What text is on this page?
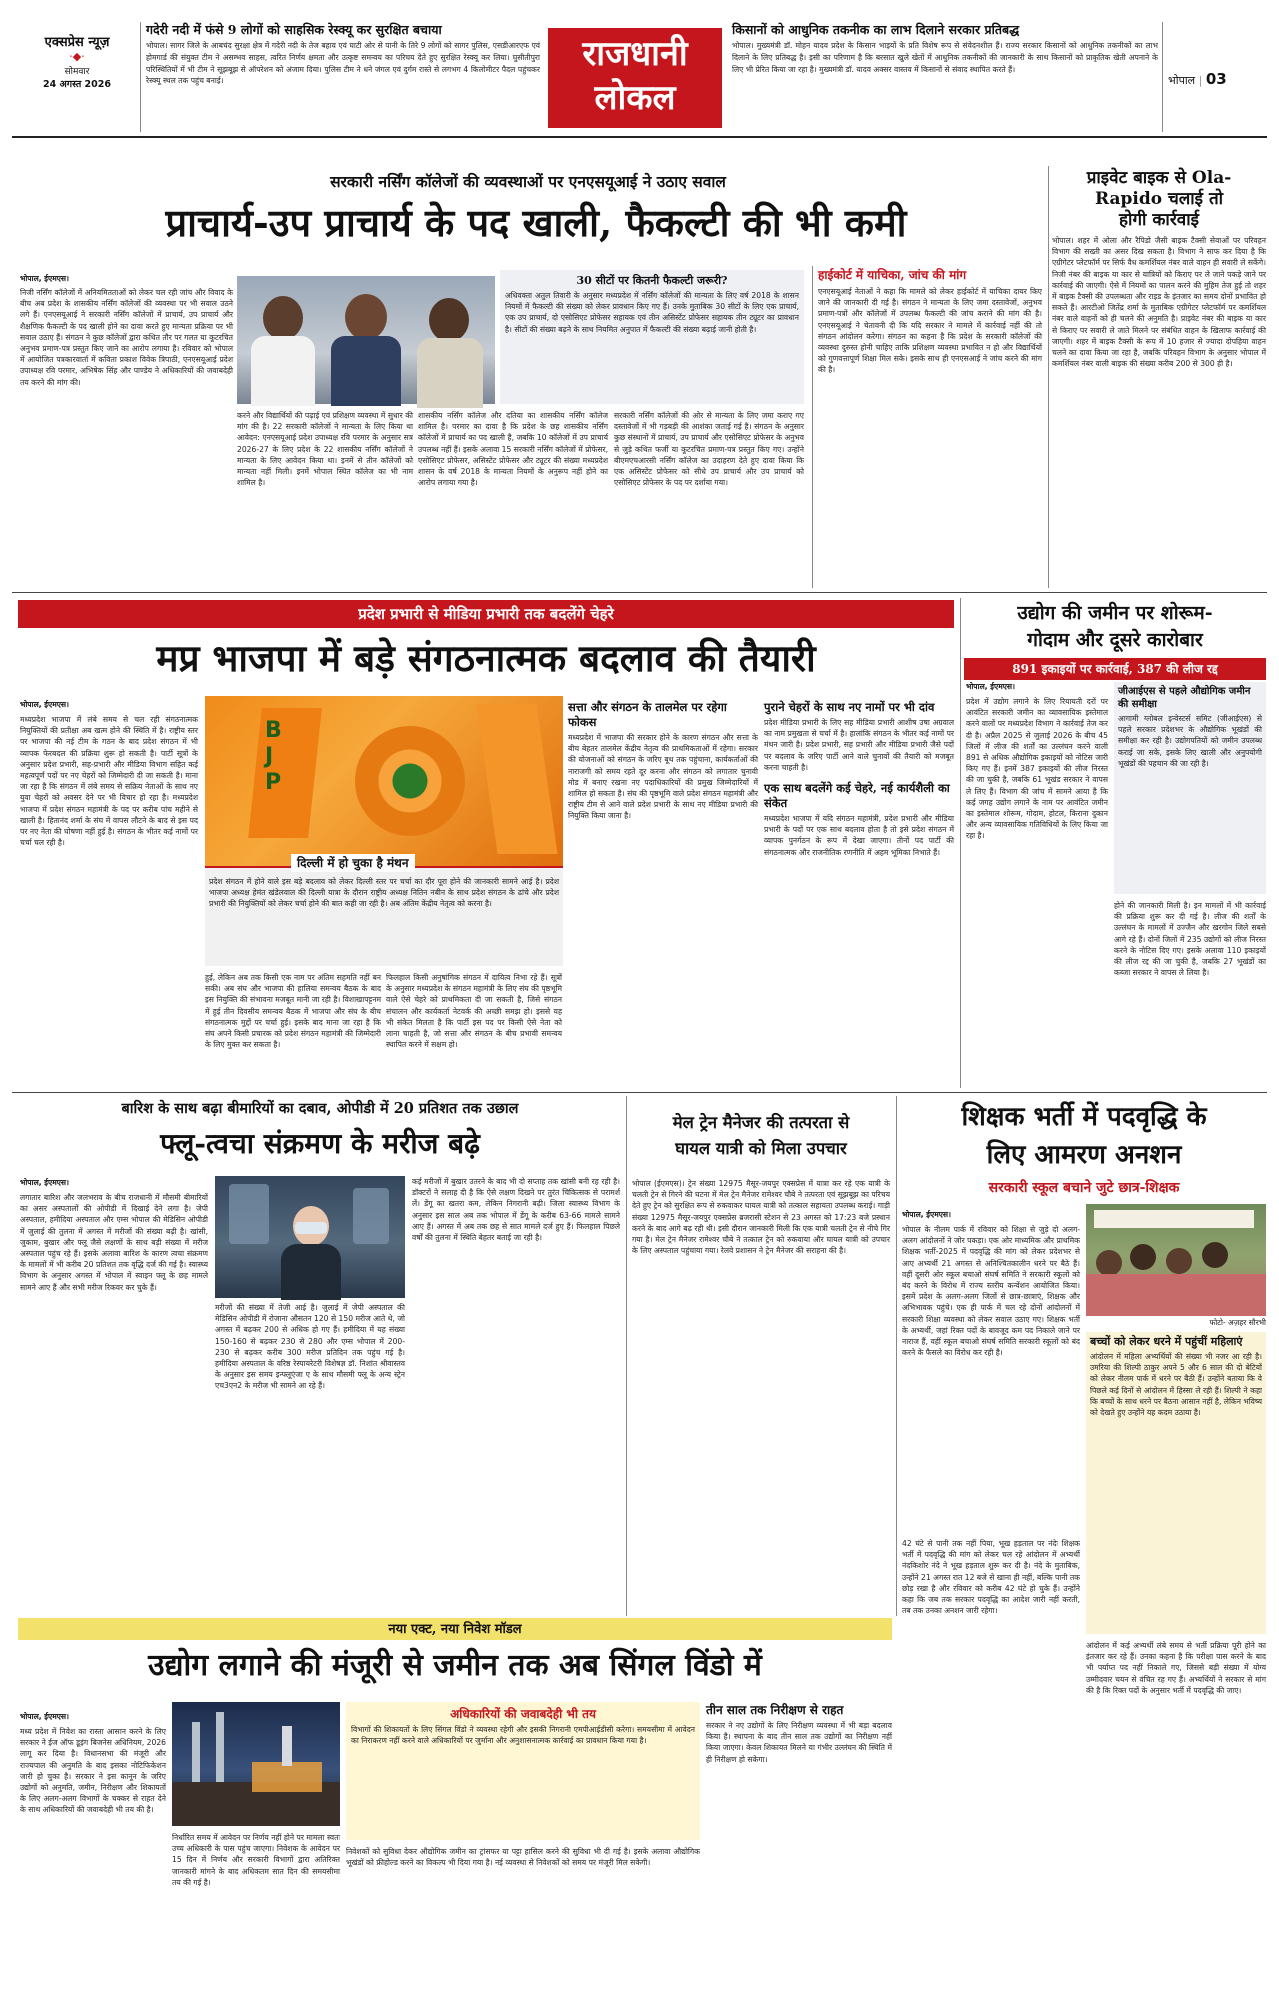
एक्सप्रेस न्यूज़
⋅◆⋅
सोमवार
24 अगस्त 2026
गदेरी नदी में फंसे 9 लोगों को साहसिक रेस्क्यू कर सुरक्षित बचाया
भोपाल। सागर जिले के आबचंद सुरक्षा क्षेत्र में गदेरी नदी के तेज बहाव एवं घाटी ओर से पानी के तिरे 9 लोगों को सागर पुलिस, एसडीआरएफ एवं होमगार्ड की संयुक्त टीम ने असम्भव साहस, त्वरित निर्णय क्षमता और उत्कृष्ट समन्वय का परिचय देते हुए सुरक्षित रेस्क्यू कर लिया। घुसीतीपुरा परिस्थितियों में भी टीम ने सूझबूझ से ऑपरेशन को अंजाम दिया। पुलिस टीम ने धने जंगल एवं दुर्गम रास्ते से लगभग 4 किलोमीटर पैदल पहुंचकर रेस्क्यू स्थल तक पहुंच बनाई।
राजधानी
लोकल
किसानों को आधुनिक तकनीक का लाभ दिलाने सरकार प्रतिबद्ध
भोपाल। मुख्यमंत्री डॉ. मोहन यादव प्रदेश के किसान भाइयों के प्रति विशेष रूप से संवेदनशील हैं। राज्य सरकार किसानों को आधुनिक तकनीकों का लाभ दिलाने के लिए प्रतिबद्ध है। इसी का परिणाम है कि बरसात खुले खेतों में आधुनिक तकनीकों की जानकारी के साथ किसानों को प्राकृतिक खेती अपनाने के लिए भी प्रेरित किया जा रहा है। मुख्यमंत्री डॉ. यादव अक्सर वास्तव में किसानों से संवाद स्थापित करते हैं।
भोपाल | 03
सरकारी नर्सिंग कॉलेजों की व्यवस्थाओं पर एनएसयूआई ने उठाए सवाल
प्राचार्य-उप प्राचार्य के पद खाली, फैकल्टी की भी कमी
भोपाल, ईएमएस।
निजी नर्सिंग कॉलेजों में अनियमितताओं को लेकर चल रही जांच और विवाद के बीच अब प्रदेश के शासकीय नर्सिंग कॉलेजों की व्यवस्था पर भी सवाल उठने लगे हैं। एनएसयूआई ने सरकारी नर्सिंग कॉलेजों में प्राचार्य, उप प्राचार्य और शैक्षणिक फैकल्टी के पद खाली होने का दावा करते हुए मान्यता प्रक्रिया पर भी सवाल उठाए हैं। संगठन ने कुछ कॉलेजों द्वारा कथित तौर पर गलत या कूटरचित अनुभव प्रमाण-पत्र प्रस्तुत किए जाने का आरोप लगाया है। रविवार को भोपाल में आयोजित पत्रकारवार्ता में कविता प्रकाश विवेक त्रिपाठी, एनएसयूआई प्रदेश उपाध्यक्ष रवि परमार, अभिषेक सिंह और पाण्डेय ने अधिकारियों की जवाबदेही तय करने की मांग की।
करने और विद्यार्थियों की पढ़ाई एवं प्रशिक्षण व्यवस्था में सुधार की मांग की है। 22 सरकारी कॉलेजों ने मान्यता के लिए किया था आवेदन: एनएसयूआई प्रदेश उपाध्यक्ष रवि परमार के अनुसार सत्र 2026-27 के लिए प्रदेश के 22 शासकीय नर्सिंग कॉलेजों ने मान्यता के लिए आवेदन किया था। इनमें से तीन कॉलेजों को मान्यता नहीं मिली। इनमें भोपाल स्थित कॉलेज का भी नाम शामिल है।
शासकीय नर्सिंग कॉलेज और दतिया का शासकीय नर्सिंग कॉलेज शामिल है। परमार का दावा है कि प्रदेश के छह शासकीय नर्सिंग कॉलेजों में प्राचार्य का पद खाली है, जबकि 10 कॉलेजों में उप प्राचार्य उपलब्ध नहीं हैं। इसके अलावा 15 सरकारी नर्सिंग कॉलेजों में प्रोफेसर, एसोसिएट प्रोफेसर, असिस्टेंट प्रोफेसर और ट्यूटर की संख्या मध्यप्रदेश शासन के वर्ष 2018 के मान्यता नियमों के अनुरूप नहीं होने का आरोप लगाया गया है।
सरकारी नर्सिंग कॉलेजों की ओर से मान्यता के लिए जमा कराए गए दस्तावेजों में भी गड़बड़ी की आशंका जताई गई है। संगठन के अनुसार कुछ संस्थानों में प्राचार्य, उप प्राचार्य और एसोसिएट प्रोफेसर के अनुभव से जुड़े कथित फर्जी या कूटरचित प्रमाण-पत्र प्रस्तुत किए गए। उन्होंने बीएमएचआरसी नर्सिंग कॉलेज का उदाहरण देते हुए दावा किया कि एक असिस्टेंट प्रोफेसर को सीधे उप प्राचार्य और उप प्राचार्य को एसोसिएट प्रोफेसर के पद पर दर्शाया गया।
30 सीटों पर कितनी फैकल्टी जरूरी?
अधिवक्ता अतुल तिवारी के अनुसार मध्यप्रदेश में नर्सिंग कॉलेजों की मान्यता के लिए वर्ष 2018 के शासन नियमों में फैकल्टी की संख्या को लेकर प्रावधान किए गए हैं। उनके मुताबिक 30 सीटों के लिए एक प्राचार्य, एक उप प्राचार्य, दो एसोसिएट प्रोफेसर सहायक एवं तीन असिस्टेंट प्रोफेसर सहायक तीन ट्यूटर का प्रावधान है। सीटों की संख्या बढ़ने के साथ नियमित अनुपात में फैकल्टी की संख्या बढ़ाई जानी होती है।
हाईकोर्ट में याचिका, जांच की मांग
एनएसयूआई नेताओं ने कहा कि मामले को लेकर हाईकोर्ट में याचिका दायर किए जाने की जानकारी दी गई है। संगठन ने मान्यता के लिए जमा दस्तावेजों, अनुभव प्रमाण-पत्रों और कॉलेजों में उपलब्ध फैकल्टी की जांच कराने की मांग की है। एनएसयूआई ने चेतावनी दी कि यदि सरकार ने मामले में कार्रवाई नहीं की तो संगठन आंदोलन करेगा। संगठन का कहना है कि प्रदेश के सरकारी कॉलेजों की व्यवस्था दुरुस्त होनी चाहिए ताकि प्रशिक्षण व्यवस्था प्रभावित न हो और विद्यार्थियों को गुणवत्तापूर्ण शिक्षा मिल सके। इसके साथ ही एनएसआई ने जांच करने की मांग की है।
प्राइवेट बाइक से Ola-
Rapido चलाई तो
होगी कार्रवाई
भोपाल। शहर में ओला और रैपिडो जैसी बाइक टैक्सी सेवाओं पर परिवहन विभाग की सख्ती का असर दिख सकता है। विभाग ने साफ कर दिया है कि एग्रीगेटर प्लेटफॉर्म पर सिर्फ वैध कमर्शियल नंबर वाले वाहन ही सवारी ले सकेंगे। निजी नंबर की बाइक या कार से यात्रियों को किराए पर ले जाने पकड़े जाने पर कार्रवाई की जाएगी। ऐसे में नियमों का पालन करने की मुहिम तेज हुई तो शहर में बाइक टैक्सी की उपलब्धता और राइड के इंतजार का समय दोनों प्रभावित हो सकते हैं। आरटीओ जितेंद्र शर्मा के मुताबिक एग्रीगेटर प्लेटफॉर्म पर कमर्शियल नंबर वाले वाहनों को ही चलने की अनुमति है। प्राइवेट नंबर की बाइक या कार से किराए पर सवारी ले जाते मिलने पर संबंधित वाहन के खिलाफ कार्रवाई की जाएगी। शहर में बाइक टैक्सी के रूप में 10 हजार से ज्यादा दोपहिया वाहन चलने का दावा किया जा रहा है, जबकि परिवहन विभाग के अनुसार भोपाल में कमर्शियल नंबर वाली बाइक की संख्या करीब 200 से 300 ही है।
प्रदेश प्रभारी से मीडिया प्रभारी तक बदलेंगे चेहरे
मप्र भाजपा में बड़े संगठनात्मक बदलाव की तैयारी
भोपाल, ईएमएस।
मध्यप्रदेश भाजपा में लंबे समय से चल रही संगठनात्मक नियुक्तियों की प्रतीक्षा अब खत्म होने की स्थिति में है। राष्ट्रीय स्तर पर भाजपा की नई टीम के गठन के बाद प्रदेश संगठन में भी व्यापक फेरबदल की प्रक्रिया शुरू हो सकती है। पार्टी सूत्रों के अनुसार प्रदेश प्रभारी, सह-प्रभारी और मीडिया विभाग सहित कई महत्वपूर्ण पदों पर नए चेहरों को जिम्मेदारी दी जा सकती है। माना जा रहा है कि संगठन में लंबे समय से सक्रिय नेताओं के साथ नए युवा चेहरों को अवसर देने पर भी विचार हो रहा है। मध्यप्रदेश भाजपा में प्रदेश संगठन महामंत्री के पद पर करीब पांच महीने से खाली है। हितानंद शर्मा के संघ में वापस लौटने के बाद से इस पद पर नए नेता की घोषणा नहीं हुई है। संगठन के भीतर कई नामों पर चर्चा चल रही है।
B
J
P
दिल्ली में हो चुका है मंथन
प्रदेश संगठन में होने वाले इस बड़े बदलाव को लेकर दिल्ली स्तर पर चर्चा का दौर पूरा होने की जानकारी सामने आई है। प्रदेश भाजपा अध्यक्ष हेमंत खंडेलवाल की दिल्ली यात्रा के दौरान राष्ट्रीय अध्यक्ष नितिन नबीन के साथ प्रदेश संगठन के ढांचे और प्रदेश प्रभारी की नियुक्तियों को लेकर चर्चा होने की बात कही जा रही है। अब अंतिम केंद्रीय नेतृत्व को करना है।
हुई, लेकिन अब तक किसी एक नाम पर अंतिम सहमति नहीं बन सकी। अब संघ और भाजपा की हालिया समन्वय बैठक के बाद इस नियुक्ति की संभावना मजबूत मानी जा रही है। विशाखापट्टनम में हुई तीन दिवसीय समन्वय बैठक में भाजपा और संघ के बीच संगठनात्मक मुद्दों पर चर्चा हुई। इसके बाद माना जा रहा है कि संघ अपने किसी प्रचारक को प्रदेश संगठन महामंत्री की जिम्मेदारी के लिए मुक्त कर सकता है।
फिलहाल किसी अनुषांगिक संगठन में दायित्व निभा रहे हैं। सूत्रों के अनुसार मध्यप्रदेश के संगठन महामंत्री के लिए संघ की पृष्ठभूमि वाले ऐसे चेहरे को प्राथमिकता दी जा सकती है, जिसे संगठन संचालन और कार्यकर्ता नेटवर्क की अच्छी समझ हो। इससे यह भी संकेत मिलता है कि पार्टी इस पद पर किसी ऐसे नेता को लाना चाहती है, जो सत्ता और संगठन के बीच प्रभावी समन्वय स्थापित करने में सक्षम हो।
सत्ता और संगठन के तालमेल पर रहेगा फोकस
मध्यप्रदेश में भाजपा की सरकार होने के कारण संगठन और सत्ता के बीच बेहतर तालमेल केंद्रीय नेतृत्व की प्राथमिकताओं में रहेगा। सरकार की योजनाओं को संगठन के जरिए बूथ तक पहुंचाना, कार्यकर्ताओं की नाराजगी को समय रहते दूर करना और संगठन को लगातार चुनावी मोड में बनाए रखना नए पदाधिकारियों की प्रमुख जिम्मेदारियों में शामिल हो सकता है। संघ की पृष्ठभूमि वाले प्रदेश संगठन महामंत्री और राष्ट्रीय टीम से आने वाले प्रदेश प्रभारी के साथ नए मीडिया प्रभारी की नियुक्ति किया जाना है।
पुराने चेहरों के साथ नए नामों पर भी दांव
प्रदेश मीडिया प्रभारी के लिए सह मीडिया प्रभारी आशीष उषा अग्रवाल का नाम प्रमुखता से चर्चा में है। हालांकि संगठन के भीतर कई नामों पर मंथन जारी है। प्रदेश प्रभारी, सह प्रभारी और मीडिया प्रभारी जैसे पदों पर बदलाव के जरिए पार्टी आने वाले चुनावों की तैयारी को मजबूत करना चाहती है।
एक साथ बदलेंगे कई चेहरे, नई कार्यशैली का संकेत
मध्यप्रदेश भाजपा में यदि संगठन महामंत्री, प्रदेश प्रभारी और मीडिया प्रभारी के पदों पर एक साथ बदलाव होता है तो इसे प्रदेश संगठन में व्यापक पुनर्गठन के रूप में देखा जाएगा। तीनों पद पार्टी की संगठनात्मक और राजनीतिक रणनीति में अहम भूमिका निभाते हैं।
उद्योग की जमीन पर शोरूम-
गोदाम और दूसरे कारोबार
891 इकाइयों पर कार्रवाई, 387 की लीज रद्द
भोपाल, ईएमएस।
प्रदेश में उद्योग लगाने के लिए रियायती दरों पर आवंटित सरकारी जमीन का व्यावसायिक इस्तेमाल करने वालों पर मध्यप्रदेश विभाग ने कार्रवाई तेज कर दी है। अप्रैल 2025 से जुलाई 2026 के बीच 45 जिलों में लीज की शर्तों का उल्लंघन करने वाली 891 से अधिक औद्योगिक इकाइयों को नोटिस जारी किए गए हैं। इनमें 387 इकाइयों की लीज निरस्त की जा चुकी है, जबकि 61 भूखंड सरकार ने वापस ले लिए हैं। विभाग की जांच में सामने आया है कि कई जगह उद्योग लगाने के नाम पर आवंटित जमीन का इस्तेमाल शोरूम, गोदाम, होटल, किराना दुकान और अन्य व्यावसायिक गतिविधियों के लिए किया जा रहा है।
जीआईएस से पहले औद्योगिक जमीन की समीक्षा
आगामी ग्लोबल इन्वेस्टर्स समिट (जीआईएस) से पहले सरकार प्रदेशभर के औद्योगिक भूखंडों की समीक्षा कर रही है। उद्योगपतियों को जमीन उपलब्ध कराई जा सके, इसके लिए खाली और अनुपयोगी भूखंडों की पहचान की जा रही है।
होने की जानकारी मिली है। इन मामलों में भी कार्रवाई की प्रक्रिया शुरू कर दी गई है। लीज की शर्तों के उल्लंघन के मामलों में उज्जैन और खरगोन जिले सबसे आगे रहे हैं। दोनों जिलों में 235 उद्योगों को लीज निरस्त करने के नोटिस दिए गए। इसके अलावा 110 इकाइयों की लीज रद्द की जा चुकी है, जबकि 27 भूखंडों का कब्जा सरकार ने वापस ले लिया है।
बारिश के साथ बढ़ा बीमारियों का दबाव, ओपीडी में 20 प्रतिशत तक उछाल
फ्लू-त्वचा संक्रमण के मरीज बढ़े
भोपाल, ईएमएस।
लगातार बारिश और जलभराव के बीच राजधानी में मौसमी बीमारियों का असर अस्पतालों की ओपीडी में दिखाई देने लगा है। जेपी अस्पताल, हमीदिया अस्पताल और एम्स भोपाल की मेडिसिन ओपीडी में जुलाई की तुलना में अगस्त में मरीजों की संख्या बढ़ी है। खांसी, जुकाम, बुखार और फ्लू जैसे लक्षणों के साथ बड़ी संख्या में मरीज अस्पताल पहुंच रहे हैं। इसके अलावा बारिश के कारण त्वचा संक्रमण के मामलों में भी करीब 20 प्रतिशत तक वृद्धि दर्ज की गई है। स्वास्थ्य विभाग के अनुसार अगस्त में भोपाल में स्वाइन फ्लू के छह मामले सामने आए हैं और सभी मरीज रिकवर कर चुके हैं।
मरीजों की संख्या में तेजी आई है। जुलाई में जेपी अस्पताल की मेडिसिन ओपीडी में रोजाना औसतन 120 से 150 मरीज आते थे, जो अगस्त में बढ़कर 200 से अधिक हो गए हैं। हमीदिया में यह संख्या 150-160 से बढ़कर 230 से 280 और एम्स भोपाल में 200-230 से बढ़कर करीब 300 मरीज प्रतिदिन तक पहुंच गई है। हमीदिया अस्पताल के वरिष्ठ रेस्पायरेटरी विशेषज्ञ डॉ. निशांत श्रीवास्तव के अनुसार इस समय इन्फ्लूएंजा ए के साथ मौसमी फ्लू के अन्य स्ट्रेन एच3एन2 के मरीज भी सामने आ रहे हैं।
कई मरीजों में बुखार उतरने के बाद भी दो सप्ताह तक खांसी बनी रह रही है। डॉक्टरों ने सलाह दी है कि ऐसे लक्षण दिखने पर तुरंत चिकित्सक से परामर्श लें। डेंगू का खतरा कम, लेकिन निगरानी बढ़ी। जिला स्वास्थ्य विभाग के अनुसार इस साल अब तक भोपाल में डेंगू के करीब 63-66 मामले सामने आए हैं। अगस्त में अब तक छह से सात मामले दर्ज हुए हैं। फिलहाल पिछले वर्षों की तुलना में स्थिति बेहतर बताई जा रही है।
मेल ट्रेन मैनेजर की तत्परता से
घायल यात्री को मिला उपचार
भोपाल (ईएमएस)। ट्रेन संख्या 12975 मैसूर-जयपुर एक्सप्रेस में यात्रा कर रहे एक यात्री के चलती ट्रेन से गिरने की घटना में मेल ट्रेन मैनेजर रामेश्वर चौबे ने तत्परता एवं सूझबूझ का परिचय देते हुए ट्रेन को सुरक्षित रूप से रुकवाकर घायल यात्री को तत्काल सहायता उपलब्ध कराई। गाड़ी संख्या 12975 मैसूर-जयपुर एक्सप्रेस ब्रजरासी स्टेशन से 23 अगस्त को 17:23 बजे प्रस्थान करने के बाद आगे बढ़ रही थी। इसी दौरान जानकारी मिली कि एक यात्री चलती ट्रेन से नीचे गिर गया है। मेल ट्रेन मैनेजर रामेश्वर चौबे ने तत्काल ट्रेन को रुकवाया और घायल यात्री को उपचार के लिए अस्पताल पहुंचाया गया। रेलवे प्रशासन ने ट्रेन मैनेजर की सराहना की है।
शिक्षक भर्ती में पदवृद्धि के
लिए आमरण अनशन
सरकारी स्कूल बचाने जुटे छात्र-शिक्षक
भोपाल, ईएमएस।
भोपाल के नीलम पार्क में रविवार को शिक्षा से जुड़े दो अलग-अलग आंदोलनों ने जोर पकड़ा। एक ओर माध्यमिक और प्राथमिक शिक्षक भर्ती-2025 में पदवृद्धि की मांग को लेकर प्रदेशभर से आए अभ्यर्थी 21 अगस्त से अनिश्चितकालीन धरने पर बैठे हैं। वहीं दूसरी ओर स्कूल बचाओ संघर्ष समिति ने सरकारी स्कूलों को बंद करने के विरोध में राज्य स्तरीय कन्वेंशन आयोजित किया। इसमें प्रदेश के अलग-अलग जिलों से छात्र-छात्राएं, शिक्षक और अभिभावक पहुंचे। एक ही पार्क में चल रहे दोनों आंदोलनों में सरकारी शिक्षा व्यवस्था को लेकर सवाल उठाए गए। शिक्षक भर्ती के अभ्यर्थी, जहां रिक्त पदों के बावजूद कम पद निकाले जाने पर नाराज हैं, वहीं स्कूल बचाओ संघर्ष समिति सरकारी स्कूलों को बंद करने के फैसले का विरोध कर रही है।
42 घंटे से पानी तक नहीं पिया, भूख हड़ताल पर नंदेः शिक्षक भर्ती में पदवृद्धि की मांग को लेकर चल रहे आंदोलन में अभ्यर्थी नंदकिशोर नंदे ने भूख हड़ताल शुरू कर दी है। नंदे के मुताबिक, उन्होंने 21 अगस्त रात 12 बजे से खाना ही नहीं, बल्कि पानी तक छोड़ रखा है और रविवार को करीब 42 घंटे हो चुके हैं। उन्होंने कहा कि जब तक सरकार पदवृद्धि का आदेश जारी नहीं करती, तब तक उनका अनशन जारी रहेगा।
फोटो- अज़हर सौरभी
बच्चों को लेकर धरने में पहुंचीं महिलाएं
आंदोलन में महिला अभ्यर्थियों की संख्या भी नजर आ रही है। उमरिया की शिल्पी ठाकुर अपने 5 और 6 साल की दो बेटियों को लेकर नीलम पार्क में धरने पर बैठी हैं। उन्होंने बताया कि वे पिछले कई दिनों से आंदोलन में हिस्सा ले रही हैं। शिल्पी ने कहा कि बच्चों के साथ धरने पर बैठना आसान नहीं है, लेकिन भविष्य को देखते हुए उन्होंने यह कदम उठाया है।
आंदोलन में कई अभ्यर्थी लंबे समय से भर्ती प्रक्रिया पूरी होने का इंतजार कर रहे हैं। उनका कहना है कि परीक्षा पास करने के बाद भी पर्याप्त पद नहीं निकाले गए, जिससे बड़ी संख्या में योग्य उम्मीदवार चयन से वंचित रह गए हैं। अभ्यर्थियों ने सरकार से मांग की है कि रिक्त पदों के अनुसार भर्ती में पदवृद्धि की जाए।
नया एक्ट, नया निवेश मॉडल
उद्योग लगाने की मंजूरी से जमीन तक अब सिंगल विंडो में
भोपाल, ईएमएस।
मध्य प्रदेश में निवेश का रास्ता आसान करने के लिए सरकार ने ईज ऑफ डूइंग बिजनेस अधिनियम, 2026 लागू कर दिया है। विधानसभा की मंजूरी और राज्यपाल की अनुमति के बाद इसका नोटिफिकेशन जारी हो चुका है। सरकार ने इस कानून के जरिए उद्योगों को अनुमति, जमीन, निरीक्षण और शिकायतों के लिए अलग-अलग विभागों के चक्कर से राहत देने के साथ अधिकारियों की जवाबदेही भी तय की है।
निर्धारित समय में आवेदन पर निर्णय नहीं होने पर मामला स्वतः उच्च अधिकारी के पास पहुंच जाएगा। निवेशक के आवेदन पर 15 दिन में निर्णय और सरकारी विभागों द्वारा अतिरिक्त जानकारी मांगने के बाद अधिकतम सात दिन की समयसीमा तय की गई है।
अधिकारियों की जवाबदेही भी तय
विभागों की शिकायतों के लिए सिंगल विंडो ने व्यवस्था रहेगी और इसकी निगरानी एमपीआईडीसी करेगा। समयसीमा में आवेदन का निराकरण नहीं करने वाले अधिकारियों पर जुर्माना और अनुशासनात्मक कार्रवाई का प्रावधान किया गया है।
निवेशकों को सुविधा देकर औद्योगिक जमीन का ट्रांसफर या पट्टा हासिल करने की सुविधा भी दी गई है। इसके अलावा औद्योगिक भूखंडों को फ्रीहोल्ड करने का विकल्प भी दिया गया है। नई व्यवस्था से निवेशकों को समय पर मंजूरी मिल सकेगी।
तीन साल तक निरीक्षण से राहत
सरकार ने नए उद्योगों के लिए निरीक्षण व्यवस्था में भी बड़ा बदलाव किया है। स्थापना के बाद तीन साल तक उद्योगों का निरीक्षण नहीं किया जाएगा। केवल शिकायत मिलने या गंभीर उल्लंघन की स्थिति में ही निरीक्षण हो सकेगा।
